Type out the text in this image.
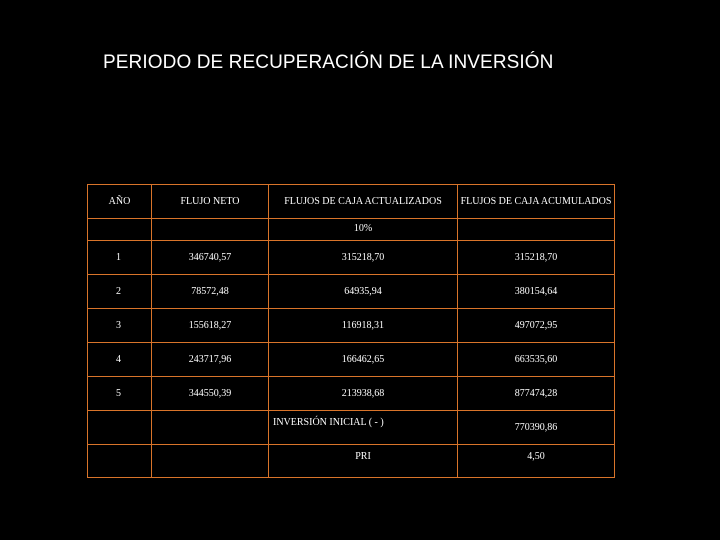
PERIODO DE RECUPERACIÓN DE LA INVERSIÓN
AÑO	FLUJO NETO	FLUJOS DE CAJA ACTUALIZADOS	FLUJOS DE CAJA ACUMULADOS

		10%	

1	346740,57	315218,70	315218,70
2	78572,48	64935,94	380154,64
3	155618,27	116918,31	497072,95
4	243717,96	166462,65	663535,60
5	344550,39	213938,68	877474,28
		INVERSIÓN INICIAL ( - )	770390,86
		PRI	4,50
